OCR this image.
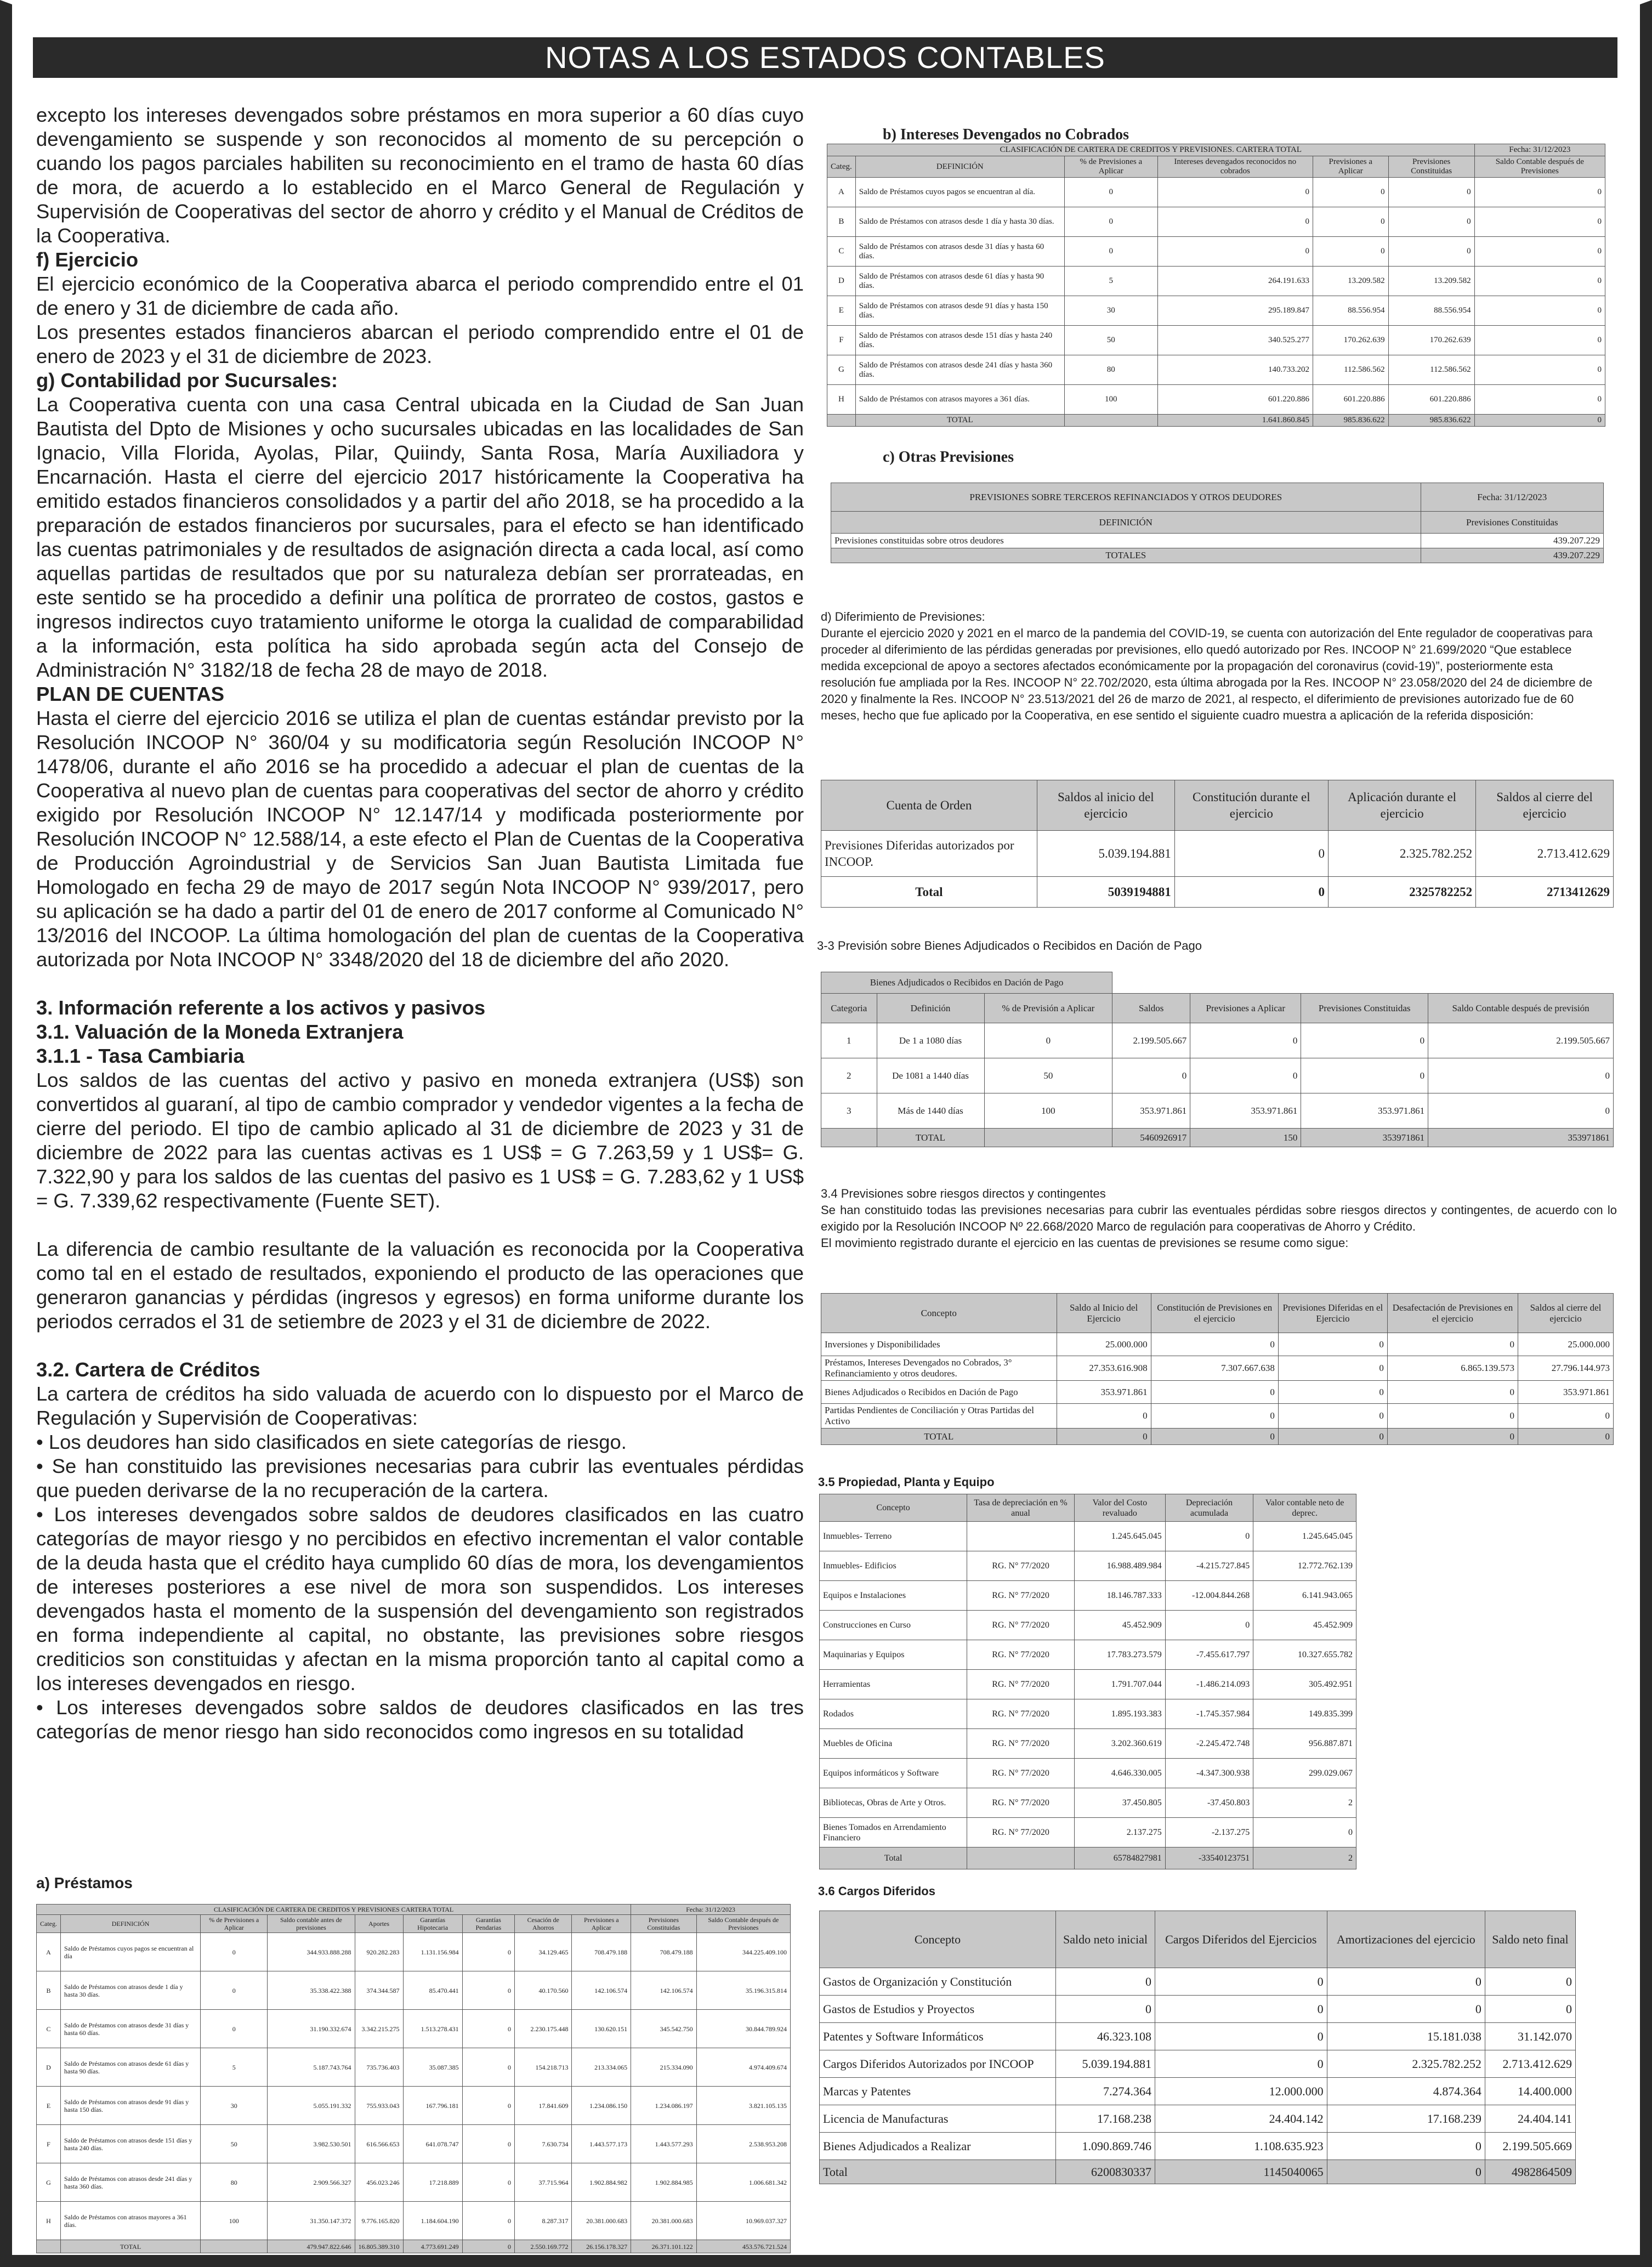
NOTAS A LOS ESTADOS CONTABLES

excepto los intereses devengados sobre préstamos en mora superior a 60 días cuyo devengamiento se suspende y son reconocidos al momento de su percepción o cuando los pagos parciales habiliten su reconocimiento en el tramo de hasta 60 días de mora, de acuerdo a lo establecido en el Marco General de Regulación y Supervisión de Cooperativas del sector de ahorro y crédito y el Manual de Créditos de la Cooperativa.

f) Ejercicio

El ejercicio económico de la Cooperativa abarca el periodo comprendido entre el 01 de enero y 31 de diciembre de cada año.

Los presentes estados financieros abarcan el periodo comprendido entre el 01 de enero de 2023 y el 31 de diciembre de 2023.

g) Contabilidad por Sucursales:

La Cooperativa cuenta con una casa Central ubicada en la Ciudad de San Juan Bautista del Dpto de Misiones y ocho sucursales ubicadas en las localidades de San Ignacio, Villa Florida, Ayolas, Pilar, Quiindy, Santa Rosa, María Auxiliadora y Encarnación. Hasta el cierre del ejercicio 2017 históricamente la Cooperativa ha emitido estados financieros consolidados y a partir del año 2018, se ha procedido a la preparación de estados financieros por sucursales, para el efecto se han identificado las cuentas patrimoniales y de resultados de asignación directa a cada local, así como aquellas partidas de resultados que por su naturaleza debían ser prorrateadas, en este sentido se ha procedido a definir una política de prorrateo de costos, gastos e ingresos indirectos cuyo tratamiento uniforme le otorga la cualidad de comparabilidad a la información, esta política ha sido aprobada según acta del Consejo de Administración N° 3182/18 de fecha 28 de mayo de 2018.

PLAN DE CUENTAS

Hasta el cierre del ejercicio 2016 se utiliza el plan de cuentas estándar previsto por la Resolución INCOOP N° 360/04 y su modificatoria según Resolución INCOOP N° 1478/06, durante el año 2016 se ha procedido a adecuar el plan de cuentas de la Cooperativa al nuevo plan de cuentas para cooperativas del sector de ahorro y crédito exigido por Resolución INCOOP N° 12.147/14 y modificada posteriormente por Resolución INCOOP N° 12.588/14, a este efecto el Plan de Cuentas de la Cooperativa de Producción Agroindustrial y de Servicios San Juan Bautista Limitada fue Homologado en fecha 29 de mayo de 2017 según Nota INCOOP N° 939/2017, pero su aplicación se ha dado a partir del 01 de enero de 2017 conforme al Comunicado N° 13/2016 del INCOOP. La última homologación del plan de cuentas de la Cooperativa autorizada por Nota INCOOP N° 3348/2020 del 18 de diciembre del año 2020.

3. Información referente a los activos y pasivos
3.1. Valuación de la Moneda Extranjera
3.1.1 - Tasa Cambiaria

Los saldos de las cuentas del activo y pasivo en moneda extranjera (US$) son convertidos al guaraní, al tipo de cambio comprador y vendedor vigentes a la fecha de cierre del periodo. El tipo de cambio aplicado al 31 de diciembre de 2023 y 31 de diciembre de 2022 para las cuentas activas es 1 US$ = G 7.263,59 y 1 US$= G. 7.322,90 y para los saldos de las cuentas del pasivo es 1 US$ = G. 7.283,62 y 1 US$ = G. 7.339,62 respectivamente (Fuente SET).

La diferencia de cambio resultante de la valuación es reconocida por la Cooperativa como tal en el estado de resultados, exponiendo el producto de las operaciones que generaron ganancias y pérdidas (ingresos y egresos) en forma uniforme durante los periodos cerrados el 31 de setiembre de 2023 y el 31 de diciembre de 2022.

3.2. Cartera de Créditos

La cartera de créditos ha sido valuada de acuerdo con lo dispuesto por el Marco de Regulación y Supervisión de Cooperativas:

• Los deudores han sido clasificados en siete categorías de riesgo.

• Se han constituido las previsiones necesarias para cubrir las eventuales pérdidas que pueden derivarse de la no recuperación de la cartera.

• Los intereses devengados sobre saldos de deudores clasificados en las cuatro categorías de mayor riesgo y no percibidos en efectivo incrementan el valor contable de la deuda hasta que el crédito haya cumplido 60 días de mora, los devengamientos de intereses posteriores a ese nivel de mora son suspendidos. Los intereses devengados hasta el momento de la suspensión del devengamiento son registrados en forma independiente al capital, no obstante, las previsiones sobre riesgos crediticios son constituidas y afectan en la misma proporción tanto al capital como a los intereses devengados en riesgo.

• Los intereses devengados sobre saldos de deudores clasificados en las tres categorías de menor riesgo han sido reconocidos como ingresos en su totalidad

a) Préstamos
CLASIFICACIÓN DE CARTERA DE CREDITOS Y PREVISIONES CARTERA TOTAL									Fecha: 31/12/2023	
Categ.	DEFINICIÓN	% de Previsiones a Aplicar	Saldo contable antes de previsiones	Aportes	Garantías Hipotecaria	Garantías Pendarias	Cesación de Ahorros	Previsiones a Aplicar	Previsiones Constituidas	Saldo Contable después de Previsiones
A	Saldo de Préstamos cuyos pagos se encuentran al día	0	344.933.888.288	920.282.283	1.131.156.984	0	34.129.465	708.479.188	708.479.188	344.225.409.100
B	Saldo de Préstamos con atrasos desde 1 día y hasta 30 días.	0	35.338.422.388	374.344.587	85.470.441	0	40.170.560	142.106.574	142.106.574	35.196.315.814
C	Saldo de Préstamos con atrasos desde 31 días y hasta 60 días.	0	31.190.332.674	3.342.215.275	1.513.278.431	0	2.230.175.448	130.620.151	345.542.750	30.844.789.924
D	Saldo de Préstamos con atrasos desde 61 días y hasta 90 días.	5	5.187.743.764	735.736.403	35.087.385	0	154.218.713	213.334.065	215.334.090	4.974.409.674
E	Saldo de Préstamos con atrasos desde 91 días y hasta 150 días.	30	5.055.191.332	755.933.043	167.796.181	0	17.841.609	1.234.086.150	1.234.086.197	3.821.105.135
F	Saldo de Préstamos con atrasos desde 151 días y hasta 240 días.	50	3.982.530.501	616.566.653	641.078.747	0	7.630.734	1.443.577.173	1.443.577.293	2.538.953.208
G	Saldo de Préstamos con atrasos desde 241 días y hasta 360 días.	80	2.909.566.327	456.023.246	17.218.889	0	37.715.964	1.902.884.982	1.902.884.985	1.006.681.342
H	Saldo de Préstamos con atrasos mayores a 361 días.	100	31.350.147.372	9.776.165.820	1.184.604.190	0	8.287.317	20.381.000.683	20.381.000.683	10.969.037.327
	TOTAL		479.947.822.646	16.805.389.310	4.773.691.249	0	2.550.169.772	26.156.178.327	26.371.101.122	453.576.721.524
b) Intereses Devengados no Cobrados
CLASIFICACIÓN DE CARTERA DE CREDITOS Y PREVISIONES. CARTERA TOTAL						Fecha: 31/12/2023
Categ.	DEFINICIÓN	% de Previsiones a Aplicar	Intereses devengados reconocidos no cobrados	Previsiones a Aplicar	Previsiones Constituidas	Saldo Contable después de Previsiones
A	Saldo de Préstamos cuyos pagos se encuentran al día.	0	0	0	0	0
B	Saldo de Préstamos con atrasos desde 1 día y hasta 30 días.	0	0	0	0	0
C	Saldo de Préstamos con atrasos desde 31 días y hasta 60 días.	0	0	0	0	0
D	Saldo de Préstamos con atrasos desde 61 días y hasta 90 días.	5	264.191.633	13.209.582	13.209.582	0
E	Saldo de Préstamos con atrasos desde 91 días y hasta 150 días.	30	295.189.847	88.556.954	88.556.954	0
F	Saldo de Préstamos con atrasos desde 151 días y hasta 240 días.	50	340.525.277	170.262.639	170.262.639	0
G	Saldo de Préstamos con atrasos desde 241 días y hasta 360 días.	80	140.733.202	112.586.562	112.586.562	0
H	Saldo de Préstamos con atrasos mayores a 361 días.	100	601.220.886	601.220.886	601.220.886	0
	TOTAL		1.641.860.845	985.836.622	985.836.622	0
c) Otras Previsiones
PREVISIONES SOBRE TERCEROS REFINANCIADOS Y OTROS DEUDORES	Fecha: 31/12/2023
DEFINICIÓN	Previsiones Constituidas
Previsiones constituidas sobre otros deudores	439.207.229
TOTALES	439.207.229
d) Diferimiento de Previsiones:
Durante el ejercicio 2020 y 2021 en el marco de la pandemia del COVID-19, se cuenta con autorización del Ente regulador de cooperativas para proceder al diferimiento de las pérdidas generadas por previsiones, ello quedó autorizado por Res. INCOOP N° 21.699/2020 “Que establece medida excepcional de apoyo a sectores afectados económicamente por la propagación del coronavirus (covid-19)”, posteriormente esta resolución fue ampliada por la Res. INCOOP N° 22.702/2020, esta última abrogada por la Res. INCOOP N° 23.058/2020 del 24 de diciembre de 2020 y finalmente la Res. INCOOP N° 23.513/2021 del 26 de marzo de 2021, al respecto, el diferimiento de previsiones autorizado fue de 60 meses, hecho que fue aplicado por la Cooperativa, en ese sentido el siguiente cuadro muestra a aplicación de la referida disposición:
Cuenta de Orden	Saldos al inicio del ejercicio	Constitución durante el ejercicio	Aplicación durante el ejercicio	Saldos al cierre del ejercicio
Previsiones Diferidas autorizados por INCOOP.	5.039.194.881	0	2.325.782.252	2.713.412.629
Total	5039194881	0	2325782252	2713412629
3-3 Previsión sobre Bienes Adjudicados o Recibidos en Dación de Pago
Bienes Adjudicados o Recibidos en Dación de Pago						
Categoria	Definición	% de Previsión a Aplicar	Saldos	Previsiones a Aplicar	Previsiones Constituidas	Saldo Contable después de previsión
1	De 1 a 1080 días	0	2.199.505.667	0	0	2.199.505.667
2	De 1081 a 1440 días	50	0	0	0	0
3	Más de 1440 días	100	353.971.861	353.971.861	353.971.861	0
	TOTAL		5460926917	150	353971861	353971861
3.4 Previsiones sobre riesgos directos y contingentes
Se han constituido todas las previsiones necesarias para cubrir las eventuales pérdidas sobre riesgos directos y contingentes, de acuerdo con lo exigido por la Resolución INCOOP Nº 22.668/2020 Marco de regulación para cooperativas de Ahorro y Crédito.
El movimiento registrado durante el ejercicio en las cuentas de previsiones se resume como sigue:
Concepto	Saldo al Inicio del Ejercicio	Constitución de Previsiones en el ejercicio	Previsiones Diferidas en el Ejercicio	Desafectación de Previsiones en el ejercicio	Saldos al cierre del ejercicio
Inversiones y Disponibilidades	25.000.000	0	0	0	25.000.000
Préstamos, Intereses Devengados no Cobrados, 3° Refinanciamiento y otros deudores.	27.353.616.908	7.307.667.638	0	6.865.139.573	27.796.144.973
Bienes Adjudicados o Recibidos en Dación de Pago	353.971.861	0	0	0	353.971.861
Partidas Pendientes de Conciliación y Otras Partidas del Activo	0	0	0	0	0
TOTAL	0	0	0	0	0
3.5 Propiedad, Planta y Equipo
Concepto	Tasa de depreciación en % anual	Valor del Costo revaluado	Depreciación acumulada	Valor contable neto de deprec.
Inmuebles- Terreno		1.245.645.045	0	1.245.645.045
Inmuebles- Edificios	RG. N° 77/2020	16.988.489.984	-4.215.727.845	12.772.762.139
Equipos e Instalaciones	RG. N° 77/2020	18.146.787.333	-12.004.844.268	6.141.943.065
Construcciones en Curso	RG. N° 77/2020	45.452.909	0	45.452.909
Maquinarias y Equipos	RG. N° 77/2020	17.783.273.579	-7.455.617.797	10.327.655.782
Herramientas	RG. N° 77/2020	1.791.707.044	-1.486.214.093	305.492.951
Rodados	RG. N° 77/2020	1.895.193.383	-1.745.357.984	149.835.399
Muebles de Oficina	RG. N° 77/2020	3.202.360.619	-2.245.472.748	956.887.871
Equipos informáticos y Software	RG. N° 77/2020	4.646.330.005	-4.347.300.938	299.029.067
Bibliotecas, Obras de Arte y Otros.	RG. N° 77/2020	37.450.805	-37.450.803	2
Bienes Tomados en Arrendamiento Financiero	RG. N° 77/2020	2.137.275	-2.137.275	0
Total		65784827981	-33540123751	2
3.6 Cargos Diferidos
Concepto	Saldo neto inicial	Cargos Diferidos del Ejercicios	Amortizaciones del ejercicio	Saldo neto final
Gastos de Organización y Constitución	0	0	0	0
Gastos de Estudios y Proyectos	0	0	0	0
Patentes y Software Informáticos	46.323.108	0	15.181.038	31.142.070
Cargos Diferidos Autorizados por INCOOP	5.039.194.881	0	2.325.782.252	2.713.412.629
Marcas y Patentes	7.274.364	12.000.000	4.874.364	14.400.000
Licencia de Manufacturas	17.168.238	24.404.142	17.168.239	24.404.141
Bienes Adjudicados a Realizar	1.090.869.746	1.108.635.923	0	2.199.505.669
Total	6200830337	1145040065	0	4982864509
